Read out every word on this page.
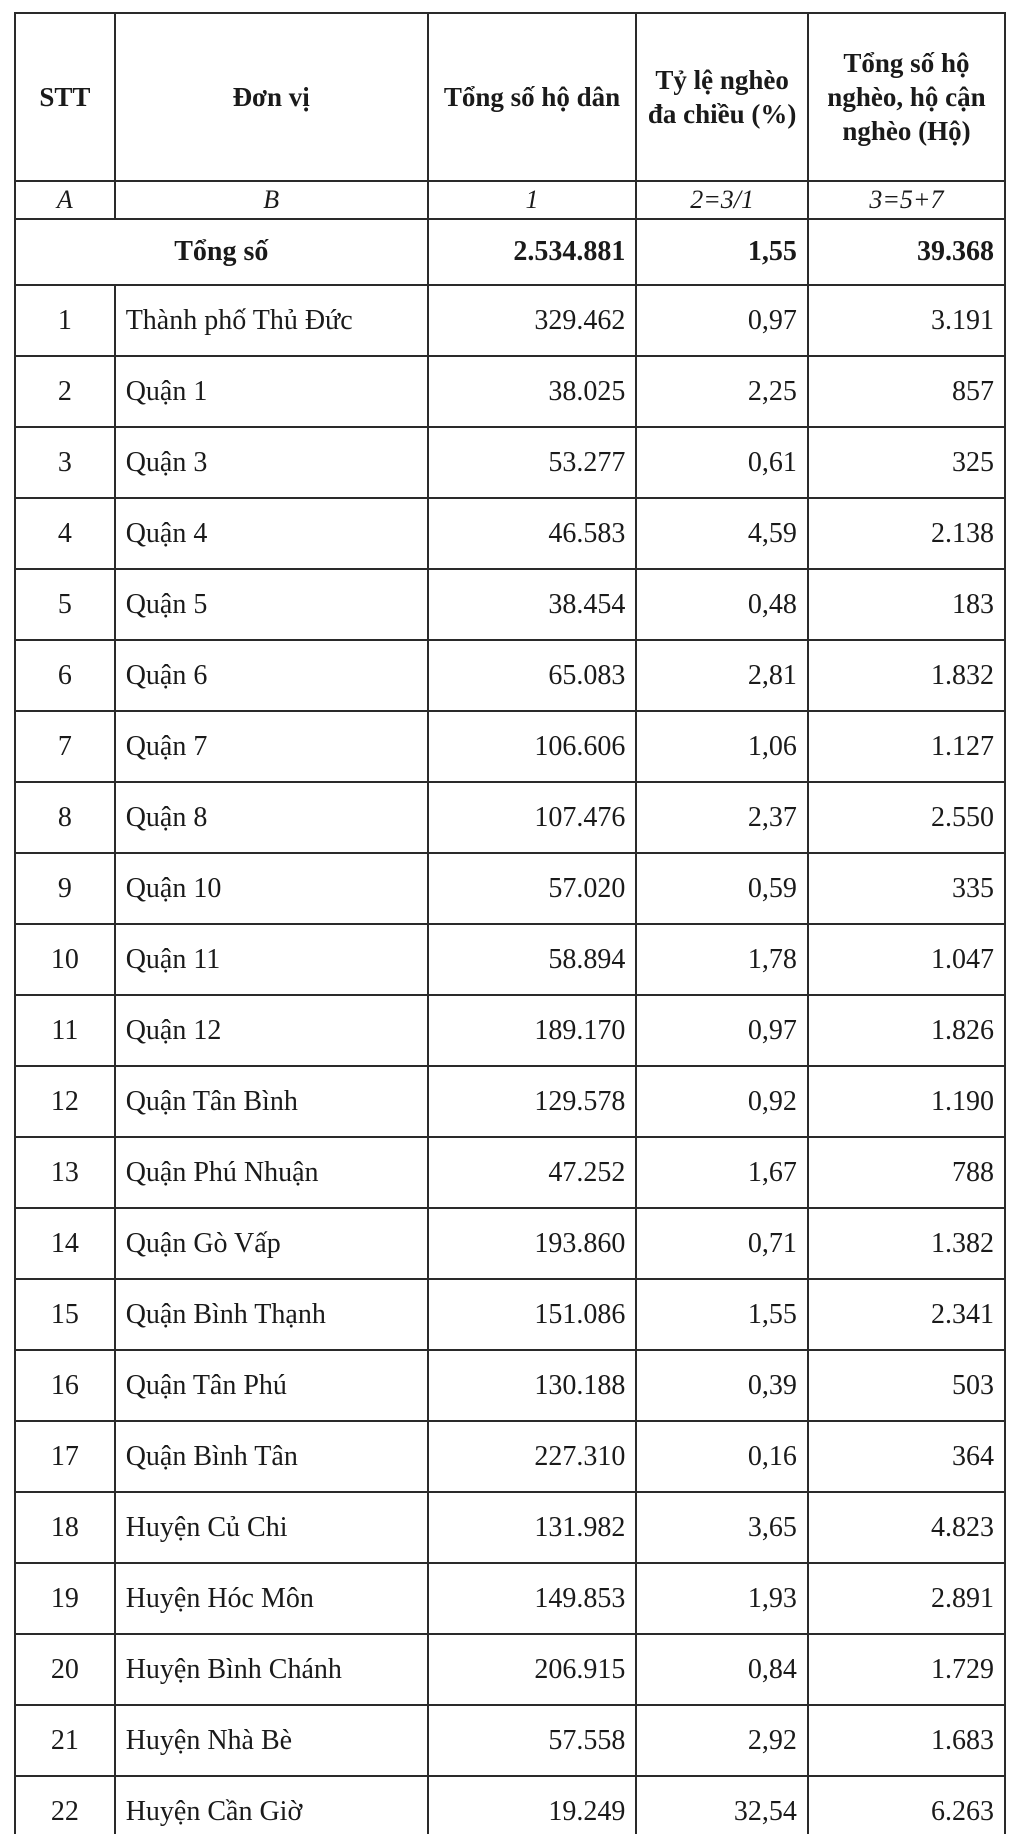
STT	Đơn vị	Tổng số hộ dân	Tỷ lệ nghèo đa chiều (%)	Tổng số hộ nghèo, hộ cận nghèo (Hộ)
A	B	1	2=3/1	3=5+7
Tổng số		2.534.881	1,55	39.368
1	Thành phố Thủ Đức	329.462	0,97	3.191
2	Quận 1	38.025	2,25	857
3	Quận 3	53.277	0,61	325
4	Quận 4	46.583	4,59	2.138
5	Quận 5	38.454	0,48	183
6	Quận 6	65.083	2,81	1.832
7	Quận 7	106.606	1,06	1.127
8	Quận 8	107.476	2,37	2.550
9	Quận 10	57.020	0,59	335
10	Quận 11	58.894	1,78	1.047
11	Quận 12	189.170	0,97	1.826
12	Quận Tân Bình	129.578	0,92	1.190
13	Quận Phú Nhuận	47.252	1,67	788
14	Quận Gò Vấp	193.860	0,71	1.382
15	Quận Bình Thạnh	151.086	1,55	2.341
16	Quận Tân Phú	130.188	0,39	503
17	Quận Bình Tân	227.310	0,16	364
18	Huyện Củ Chi	131.982	3,65	4.823
19	Huyện Hóc Môn	149.853	1,93	2.891
20	Huyện Bình Chánh	206.915	0,84	1.729
21	Huyện Nhà Bè	57.558	2,92	1.683
22	Huyện Cần Giờ	19.249	32,54	6.263
